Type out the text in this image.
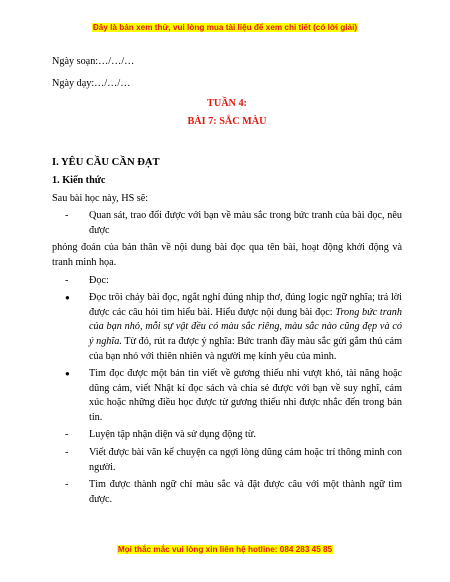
Đây là bản xem thử, vui lòng mua tài liệu để xem chi tiết (có lời giải)

Ngày soạn:…/…/…

Ngày dạy:…/…/…

TUẦN 4:

BÀI 7: SẮC MÀU

I. YÊU CẦU CẦN ĐẠT

1. Kiến thức

Sau bài học này, HS sẽ:

-	Quan sát, trao đổi được với bạn về màu sắc trong bức tranh của bài đọc, nêu được

phỏng đoán của bản thân về nội dung bài đọc qua tên bài, hoạt động khởi động và tranh minh họa.

-	Đọc:
●	Đọc trôi chảy bài đọc, ngắt nghỉ đúng nhịp thơ, đúng logic ngữ nghĩa; trả lời được các câu hỏi tìm hiểu bài. Hiểu được nội dung bài đọc: Trong bức tranh của bạn nhỏ, mỗi sự vật đều có màu sắc riêng, màu sắc nào cũng đẹp và có ý nghĩa. Từ đó, rút ra được ý nghĩa: Bức tranh đầy màu sắc gửi gắm thủ cảm của bạn nhỏ với thiên nhiên và người mẹ kính yêu của mình.
●	Tìm đọc được một bản tin viết về gương thiếu nhi vượt khó, tài năng hoặc dũng cảm, viết Nhật kí đọc sách và chia sẻ được với bạn về suy nghĩ, cảm xúc hoặc những điều học được từ gương thiếu nhi được nhắc đến trong bản tin.
-	Luyện tập nhận diện và sử dụng động từ.
-	Viết được bài văn kể chuyện ca ngợi lòng dũng cảm hoặc trí thông minh con người.
-	Tìm được thành ngữ chỉ màu sắc và đặt được câu với một thành ngữ tìm được.
Mọi thắc mắc vui lòng xin liên hệ hotline: 084 283 45 85
